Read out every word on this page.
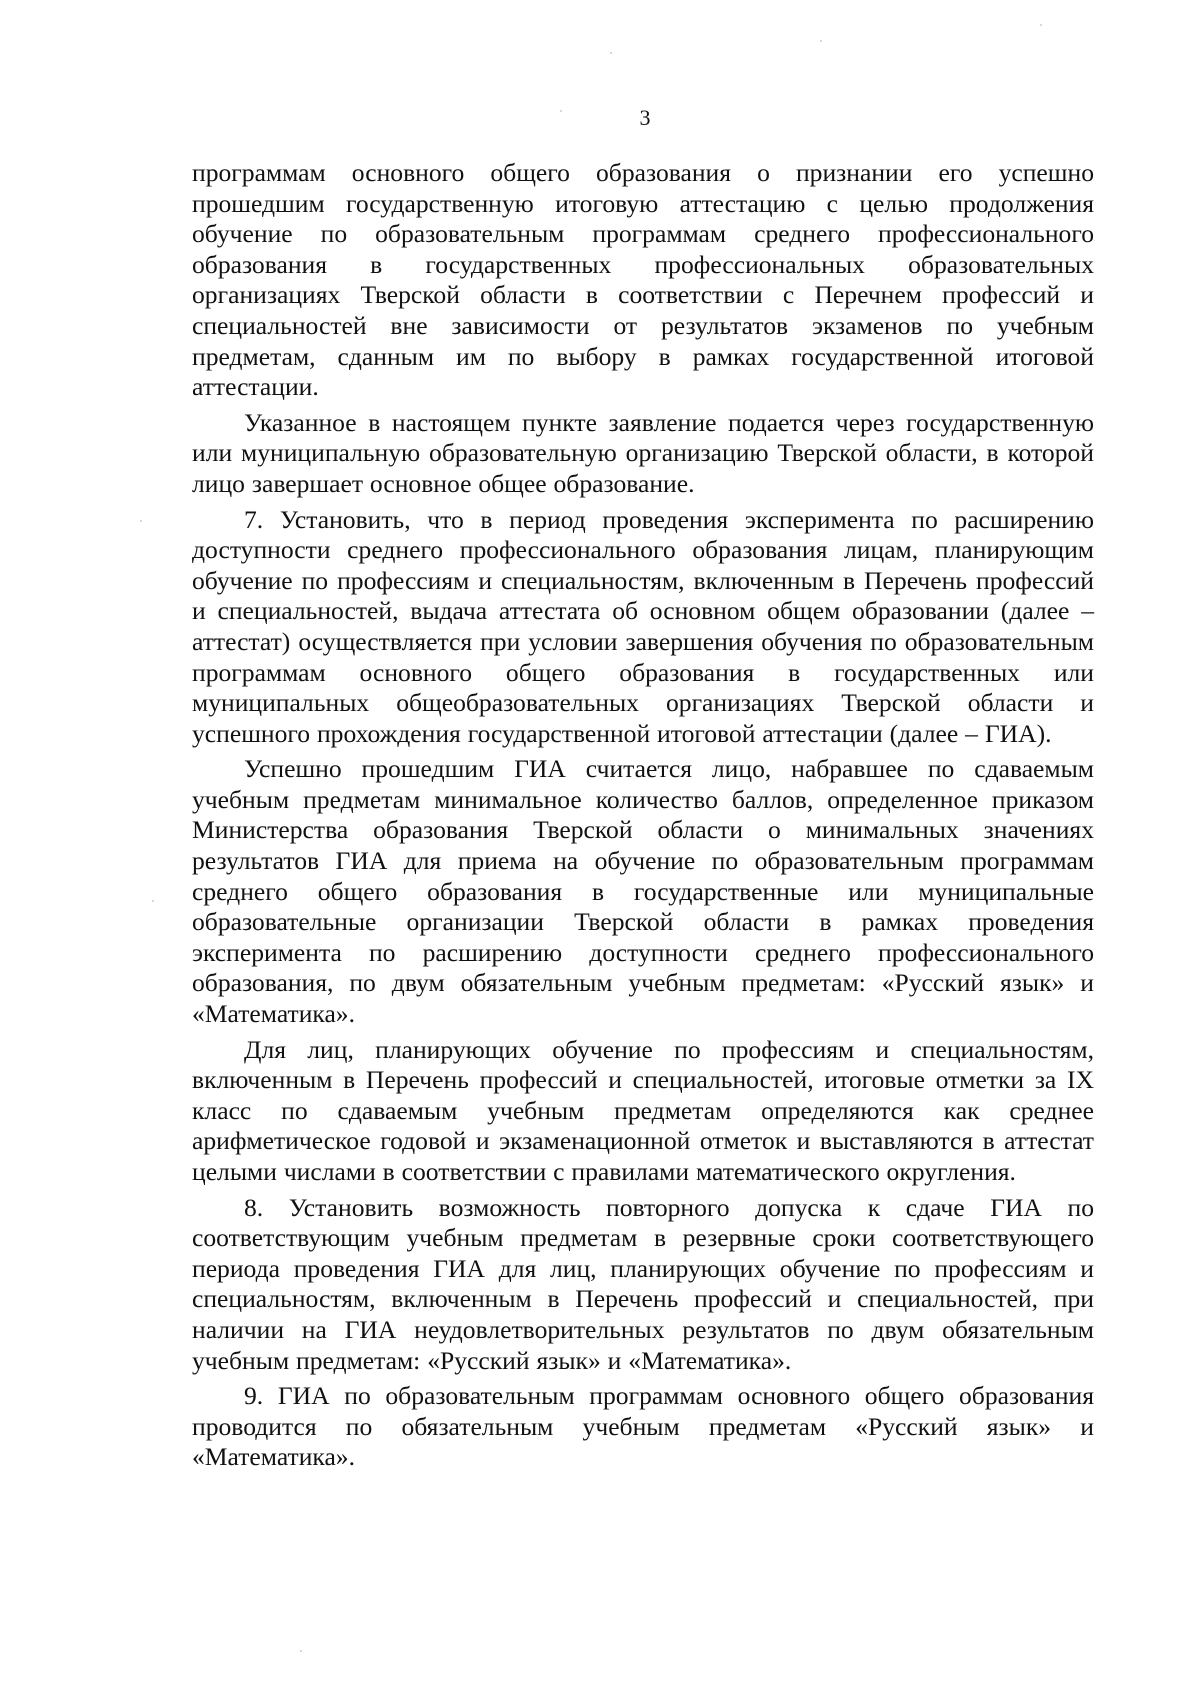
3

программам основного общего образования о признании его успешно прошедшим государственную итоговую аттестацию с целью продолжения обучение по образовательным программам среднего профессионального образования в государственных профессиональных образовательных организациях Тверской области в соответствии с Перечнем профессий и специальностей вне зависимости от результатов экзаменов по учебным предметам, сданным им по выбору в рамках государственной итоговой аттестации.

Указанное в настоящем пункте заявление подается через государственную или муниципальную образовательную организацию Тверской области, в которой лицо завершает основное общее образование.

7. Установить, что в период проведения эксперимента по расширению доступности среднего профессионального образования лицам, планирующим обучение по профессиям и специальностям, включенным в Перечень профессий и специальностей, выдача аттестата об основном общем образовании (далее – аттестат) осуществляется при условии завершения обучения по образовательным программам основного общего образования в государственных или муниципальных общеобразовательных организациях Тверской области и успешного прохождения государственной итоговой аттестации (далее – ГИА).

Успешно прошедшим ГИА считается лицо, набравшее по сдаваемым учебным предметам минимальное количество баллов, определенное приказом Министерства образования Тверской области о минимальных значениях результатов ГИА для приема на обучение по образовательным программам среднего общего образования в государственные или муниципальные образовательные организации Тверской области в рамках проведения эксперимента по расширению доступности среднего профессионального образования, по двум обязательным учебным предметам: «Русский язык» и «Математика».

Для лиц, планирующих обучение по профессиям и специальностям, включенным в Перечень профессий и специальностей, итоговые отметки за IX класс по сдаваемым учебным предметам определяются как среднее арифметическое годовой и экзаменационной отметок и выставляются в аттестат целыми числами в соответствии с правилами математического округления.

8. Установить возможность повторного допуска к сдаче ГИА по соответствующим учебным предметам в резервные сроки соответствующего периода проведения ГИА для лиц, планирующих обучение по профессиям и специальностям, включенным в Перечень профессий и специальностей, при наличии на ГИА неудовлетворительных результатов по двум обязательным учебным предметам: «Русский язык» и «Математика».

9. ГИА по образовательным программам основного общего образования проводится по обязательным учебным предметам «Русский язык» и «Математика».
